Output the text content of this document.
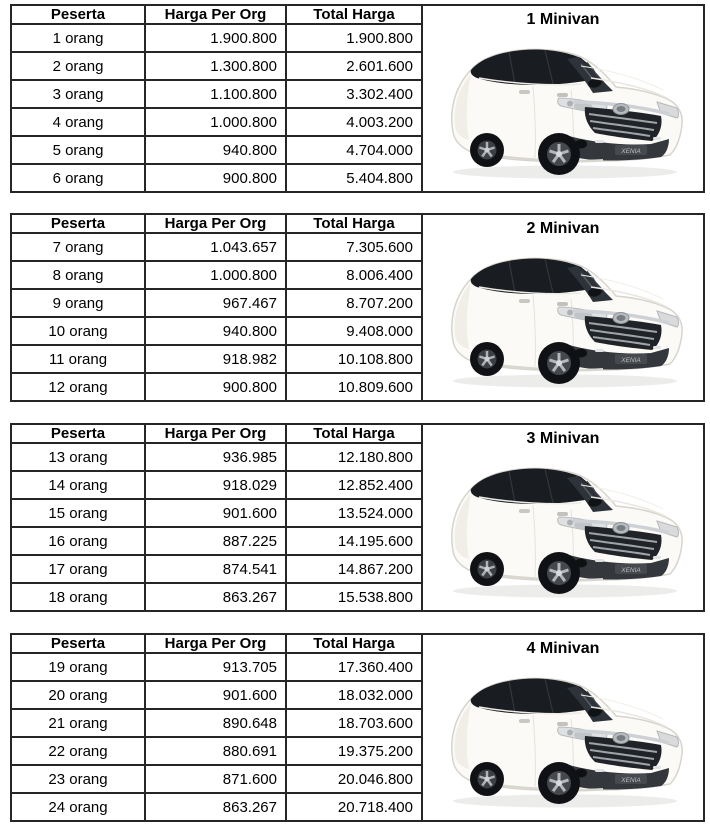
Peserta	Harga Per Org	Total Harga
1 orang	1.900.800	1.900.800
2 orang	1.300.800	2.601.600
3 orang	1.100.800	3.302.400
4 orang	1.000.800	4.003.200
5 orang	940.800	4.704.000
6 orang	900.800	5.404.800
1 Minivan
Peserta	Harga Per Org	Total Harga
7 orang	1.043.657	7.305.600
8 orang	1.000.800	8.006.400
9 orang	967.467	8.707.200
10 orang	940.800	9.408.000
11 orang	918.982	10.108.800
12 orang	900.800	10.809.600
2 Minivan
Peserta	Harga Per Org	Total Harga
13 orang	936.985	12.180.800
14 orang	918.029	12.852.400
15 orang	901.600	13.524.000
16 orang	887.225	14.195.600
17 orang	874.541	14.867.200
18 orang	863.267	15.538.800
3 Minivan
Peserta	Harga Per Org	Total Harga
19 orang	913.705	17.360.400
20 orang	901.600	18.032.000
21 orang	890.648	18.703.600
22 orang	880.691	19.375.200
23 orang	871.600	20.046.800
24 orang	863.267	20.718.400
4 Minivan
